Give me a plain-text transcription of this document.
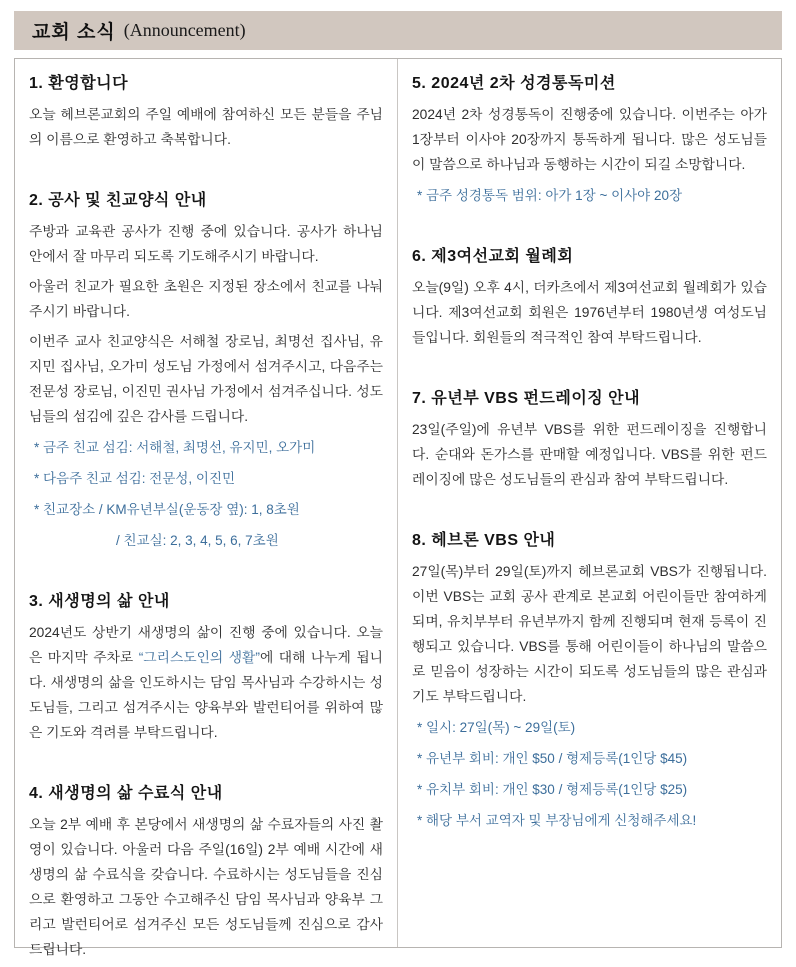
교회 소식 (Announcement)
1. 환영합니다

오늘 헤브론교회의 주일 예배에 참여하신 모든 분들을 주님의 이름으로 환영하고 축복합니다.

2. 공사 및 친교양식 안내

주방과 교육관 공사가 진행 중에 있습니다. 공사가 하나님 안에서 잘 마무리 되도록 기도해주시기 바랍니다.

아울러 친교가 필요한 초원은 지정된 장소에서 친교를 나눠주시기 바랍니다.

이번주 교사 친교양식은 서해철 장로님, 최명선 집사님, 유지민 집사님, 오가미 성도님 가정에서 섬겨주시고, 다음주는 전문성 장로님, 이진민 권사님 가정에서 섬겨주십니다. 성도님들의 섬김에 깊은 감사를 드립니다.

* 금주 친교 섬김: 서해철, 최명선, 유지민, 오가미

* 다음주 친교 섬김: 전문성, 이진민

* 친교장소 / KM유년부실(운동장 옆): 1, 8초원

/ 친교실: 2, 3, 4, 5, 6, 7초원

3. 새생명의 삶 안내

2024년도 상반기 새생명의 삶이 진행 중에 있습니다. 오늘은 마지막 주차로 “그리스도인의 생활”에 대해 나누게 됩니다. 새생명의 삶을 인도하시는 담임 목사님과 수강하시는 성도님들, 그리고 섬겨주시는 양육부와 발런티어를 위하여 많은 기도와 격려를 부탁드립니다.

4. 새생명의 삶 수료식 안내

오늘 2부 예배 후 본당에서 새생명의 삶 수료자들의 사진 촬영이 있습니다. 아울러 다음 주일(16일) 2부 예배 시간에 새생명의 삶 수료식을 갖습니다. 수료하시는 성도님들을 진심으로 환영하고 그동안 수고해주신 담임 목사님과 양육부 그리고 발런티어로 섬겨주신 모든 성도님들께 진심으로 감사드립니다.

5. 2024년 2차 성경통독미션

2024년 2차 성경통독이 진행중에 있습니다. 이번주는 아가 1장부터 이사야 20장까지 통독하게 됩니다. 많은 성도님들이 말씀으로 하나님과 동행하는 시간이 되길 소망합니다.

* 금주 성경통독 범위: 아가 1장 ~ 이사야 20장

6. 제3여선교회 월례회

오늘(9일) 오후 4시, 더카츠에서 제3여선교회 월례회가 있습니다. 제3여선교회 회원은 1976년부터 1980년생 여성도님들입니다. 회원들의 적극적인 참여 부탁드립니다.

7. 유년부 VBS 펀드레이징 안내

23일(주일)에 유년부 VBS를 위한 펀드레이징을 진행합니다. 순대와 돈가스를 판매할 예정입니다. VBS를 위한 펀드레이징에 많은 성도님들의 관심과 참여 부탁드립니다.

8. 헤브론 VBS 안내

27일(목)부터 29일(토)까지 헤브론교회 VBS가 진행됩니다. 이번 VBS는 교회 공사 관계로 본교회 어린이들만 참여하게 되며, 유치부부터 유년부까지 함께 진행되며 현재 등록이 진행되고 있습니다. VBS를 통해 어린이들이 하나님의 말씀으로 믿음이 성장하는 시간이 되도록 성도님들의 많은 관심과 기도 부탁드립니다.

* 일시: 27일(목) ~ 29일(토)

* 유년부 회비: 개인 $50 / 형제등록(1인당 $45)

* 유치부 회비: 개인 $30 / 형제등록(1인당 $25)

* 해당 부서 교역자 및 부장님에게 신청해주세요!
